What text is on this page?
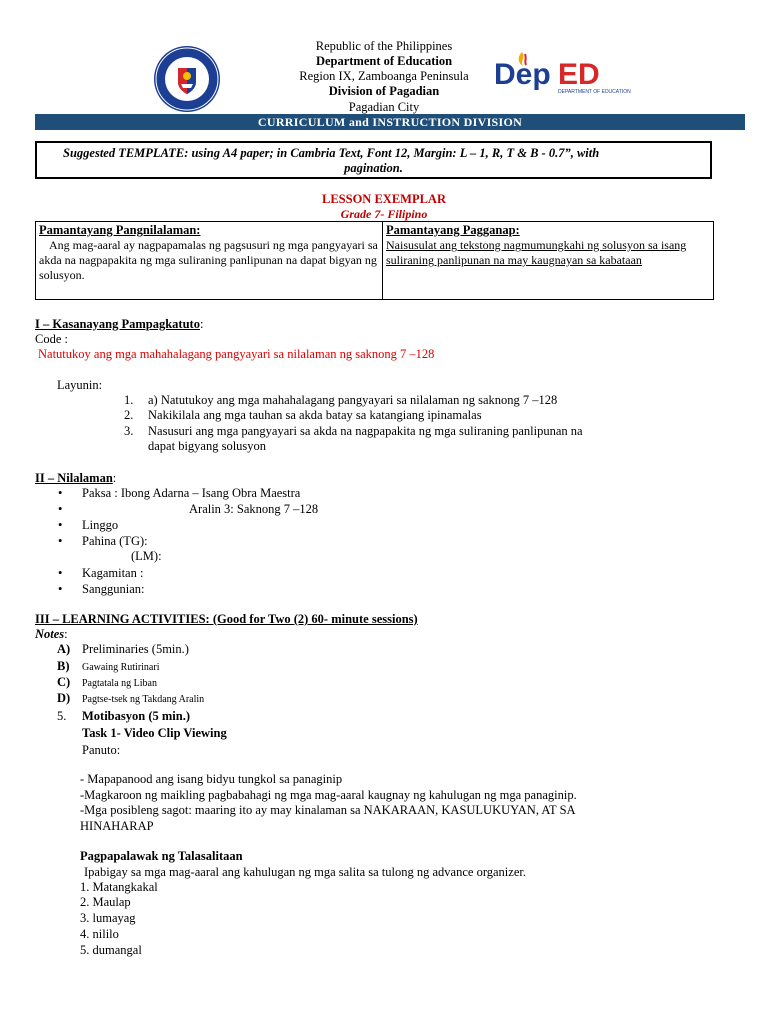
Republic of the Philippines
Department of Education
Region IX, Zamboanga Peninsula
Division of Pagadian
Pagadian City
Dep ED
DEPARTMENT OF EDUCATION
CURRICULUM and INSTRUCTION DIVISION
Suggested TEMPLATE: using A4 paper; in Cambria Text, Font 12, Margin: L – 1, R, T & B - 0.7”, with
pagination.
LESSON EXEMPLAR
Grade 7- Filipino
Pamantayang Pangnilalaman:
Ang mag-aaral ay nagpapamalas ng pagsusuri ng mga pangyayari sa akda na nagpapakita ng mga suliraning panlipunan na dapat bigyan ng solusyon.

Pamantayang Pagganap:
Naisusulat ang tekstong nagmumungkahi ng solusyon sa isang suliraning panlipunan na may kaugnayan sa kabataan
I – Kasanayang Pampagkatuto:
Code :
Natutukoy ang mga mahahalagang pangyayari sa nilalaman ng saknong 7 –128
Layunin:
1. a) Natutukoy ang mga mahahalagang pangyayari sa nilalaman ng saknong 7 –128
2. Nakikilala ang mga tauhan sa akda batay sa katangiang ipinamalas
3. Nasusuri ang mga pangyayari sa akda na nagpapakita ng mga suliraning panlipunan na
dapat bigyang solusyon
II – Nilalaman:
• Paksa : Ibong Adarna – Isang Obra Maestra
• Aralin 3: Saknong 7 –128
• Linggo
• Pahina (TG):
(LM):
• Kagamitan :
• Sanggunian:
III – LEARNING ACTIVITIES: (Good for Two (2) 60- minute sessions)
Notes:
A) Preliminaries (5min.)
B) Gawaing Rutirinari
C) Pagtatala ng Liban
D) Pagtse-tsek ng Takdang Aralin
5. Motibasyon (5 min.)
Task 1- Video Clip Viewing
Panuto:
- Mapapanood ang isang bidyu tungkol sa panaginip
-Magkaroon ng maikling pagbabahagi ng mga mag-aaral kaugnay ng kahulugan ng mga panaginip.
-Mga posibleng sagot: maaring ito ay may kinalaman sa NAKARAAN, KASULUKUYAN, AT SA
HINAHARAP
Pagpapalawak ng Talasalitaan
Ipabigay sa mga mag-aaral ang kahulugan ng mga salita sa tulong ng advance organizer.
1. Matangkakal
2. Maulap
3. lumayag
4. nililo
5. dumangal
